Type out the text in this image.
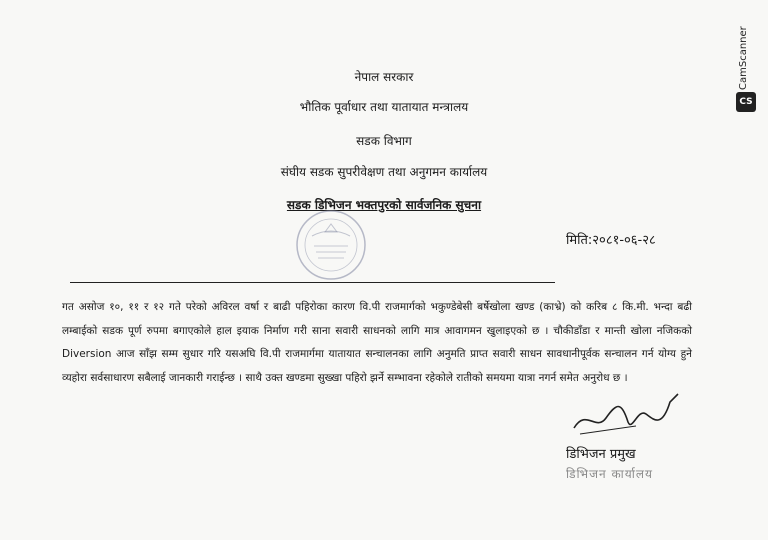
CamScanner
CS
नेपाल सरकार
भौतिक पूर्वाधार तथा यातायात मन्त्रालय
सडक विभाग
संघीय सडक सुपरीवेक्षण तथा अनुगमन कार्यालय
सडक डिभिजन भक्तपुरको सार्वजनिक सुचना
मिति:२०८१-०६-२८
गत असोज १०, ११ र १२ गते परेको अविरल वर्षा र बाढी पहिरोका कारण वि.पी राजमार्गको भकुण्डेबेसी बर्षेखोला खण्ड (काभ्रे) को करिब ८ कि.मी. भन्दा बढी लम्बाईको सडक पूर्ण रुपमा बगाएकोले हाल इयाक निर्माण गरी साना सवारी साधनको लागि मात्र आवागमन खुलाइएको छ । चौकीडाँडा र मान्ती खोला नजिकको Diversion आज साँझ सम्म सुधार गरि यसअघि वि.पी राजमार्गमा यातायात सन्चालनका लागि अनुमति प्राप्त सवारी साधन सावधानीपूर्वक सन्चालन गर्न योग्य हुने व्यहोरा सर्वसाधारण सबैलाई जानकारी गराईन्छ । साथै उक्त खण्डमा सुख्खा पहिरो झर्ने सम्भावना रहेकोले रातीको समयमा यात्रा नगर्न समेत अनुरोध छ ।
डिभिजन प्रमुख
डिभिजन कार्यालय
